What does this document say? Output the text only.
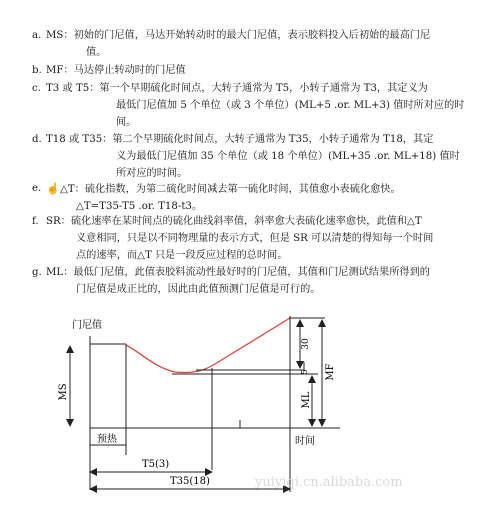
a. MS：初始的门尼值，马达开始转动时的最大门尼值，表示胶料投入后初始的最高门尼
值。
b. MF：马达停止转动时的门尼值
c. T3 或 T5：第一个早期硫化时间点，大转子通常为 T5，小转子通常为 T3，其定义为
最低门尼值加 5 个单位（或 3 个单位）(ML+5 .or. ML+3) 值时所对应的时
间。
d. T18 或 T35：第二个早期硫化时间点，大转子通常为 T35，小转子通常为 T18，其定
义为最低门尼值加 35 个单位（或 18 个单位）(ML+35 .or. ML+18) 值时
所对应的时间。
e. ☝△T：硫化指数，为第二硫化时间减去第一硫化时间，其值愈小表硫化愈快。
△T=T35-T5 .or. T18-t3。
f. SR：硫化速率在某时间点的硫化曲线斜率值，斜率愈大表硫化速率愈快，此值和△T
义意相同，只是以不同物理量的表示方式，但是 SR 可以清楚的得知每一个时间
点的速率，而△T 只是一段反应过程的总时间。
g. ML：最低门尼值，此值表胶料流动性最好时的门尼值，其值和门尼测试结果所得到的
门尼值是成正比的，因此由此值预测门尼值是可行的。
MS
30
5
ML
MF
预热	时间
门尼值
T5(3)
T35(18)	yuiyiqi.cn.alibaba.com
